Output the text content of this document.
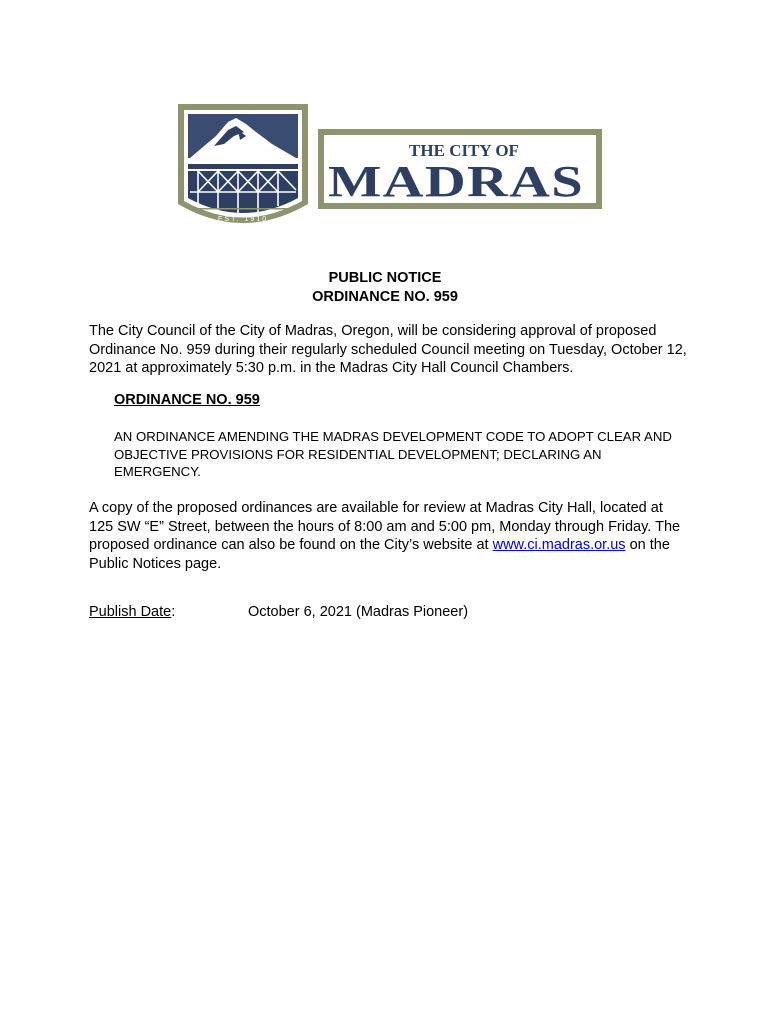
EST. 1910
THE CITY OF
MADRAS
PUBLIC NOTICE
ORDINANCE NO. 959
The City Council of the City of Madras, Oregon, will be considering approval of proposed Ordinance No. 959 during their regularly scheduled Council meeting on Tuesday, October 12, 2021 at approximately 5:30 p.m. in the Madras City Hall Council Chambers.
ORDINANCE NO. 959
AN ORDINANCE AMENDING THE MADRAS DEVELOPMENT CODE TO ADOPT CLEAR AND OBJECTIVE PROVISIONS FOR RESIDENTIAL DEVELOPMENT; DECLARING AN EMERGENCY.
A copy of the proposed ordinances are available for review at Madras City Hall, located at 125 SW “E” Street, between the hours of 8:00 am and 5:00 pm, Monday through Friday. The proposed ordinance can also be found on the City’s website at www.ci.madras.or.us on the Public Notices page.
Publish Date:	October 6, 2021 (Madras Pioneer)
